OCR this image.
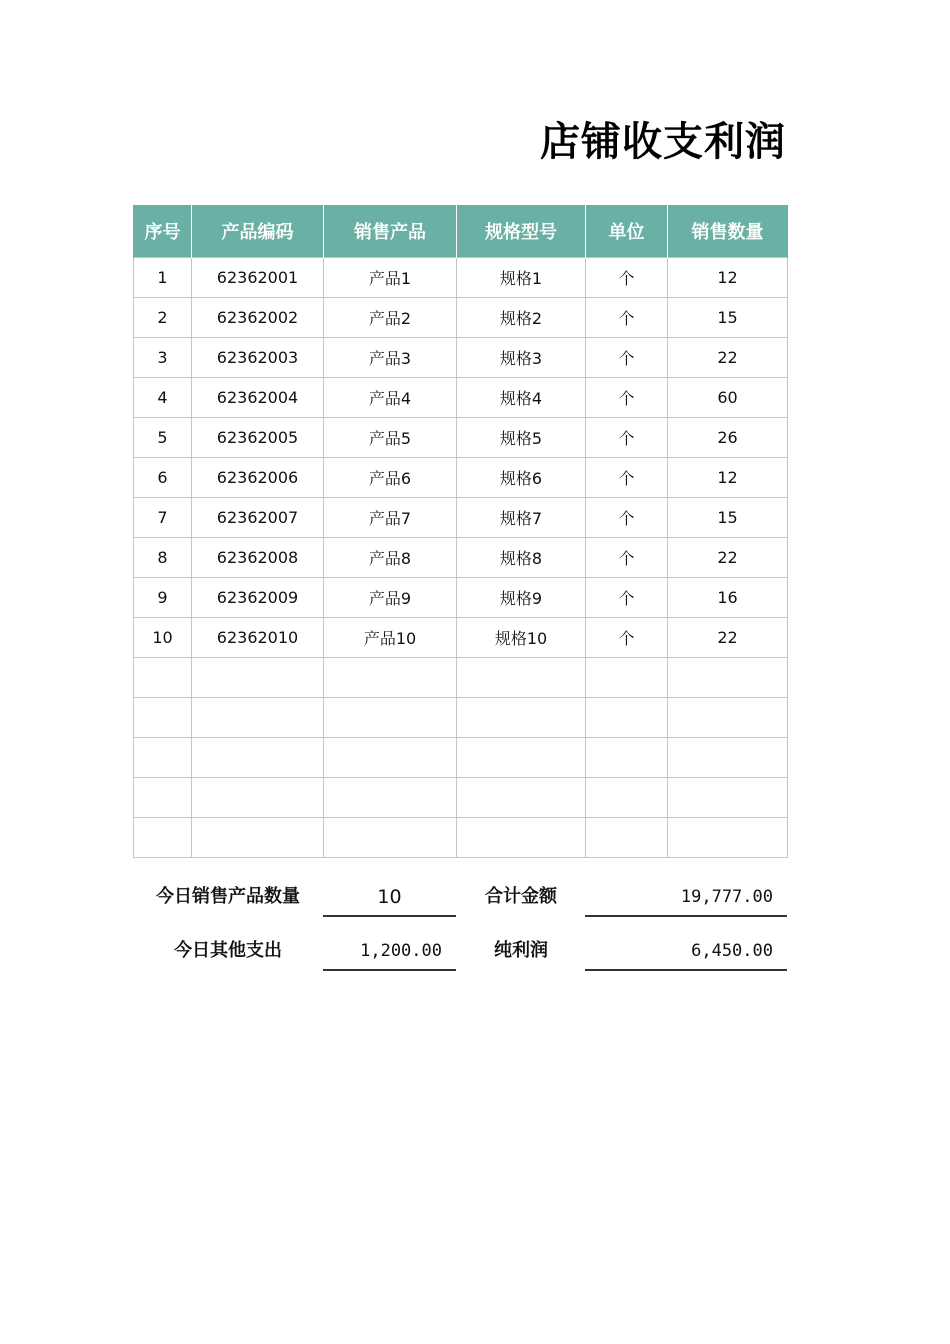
店铺收支利润
序号	产品编码	销售产品	规格型号	单位	销售数量
1	62362001	产品1	规格1	个	12
2	62362002	产品2	规格2	个	15
3	62362003	产品3	规格3	个	22
4	62362004	产品4	规格4	个	60
5	62362005	产品5	规格5	个	26
6	62362006	产品6	规格6	个	12
7	62362007	产品7	规格7	个	15
8	62362008	产品8	规格8	个	22
9	62362009	产品9	规格9	个	16
10	62362010	产品10	规格10	个	22

今日销售产品数量	10	合计金额	19,777.00
今日其他支出	1,200.00	纯利润	6,450.00
